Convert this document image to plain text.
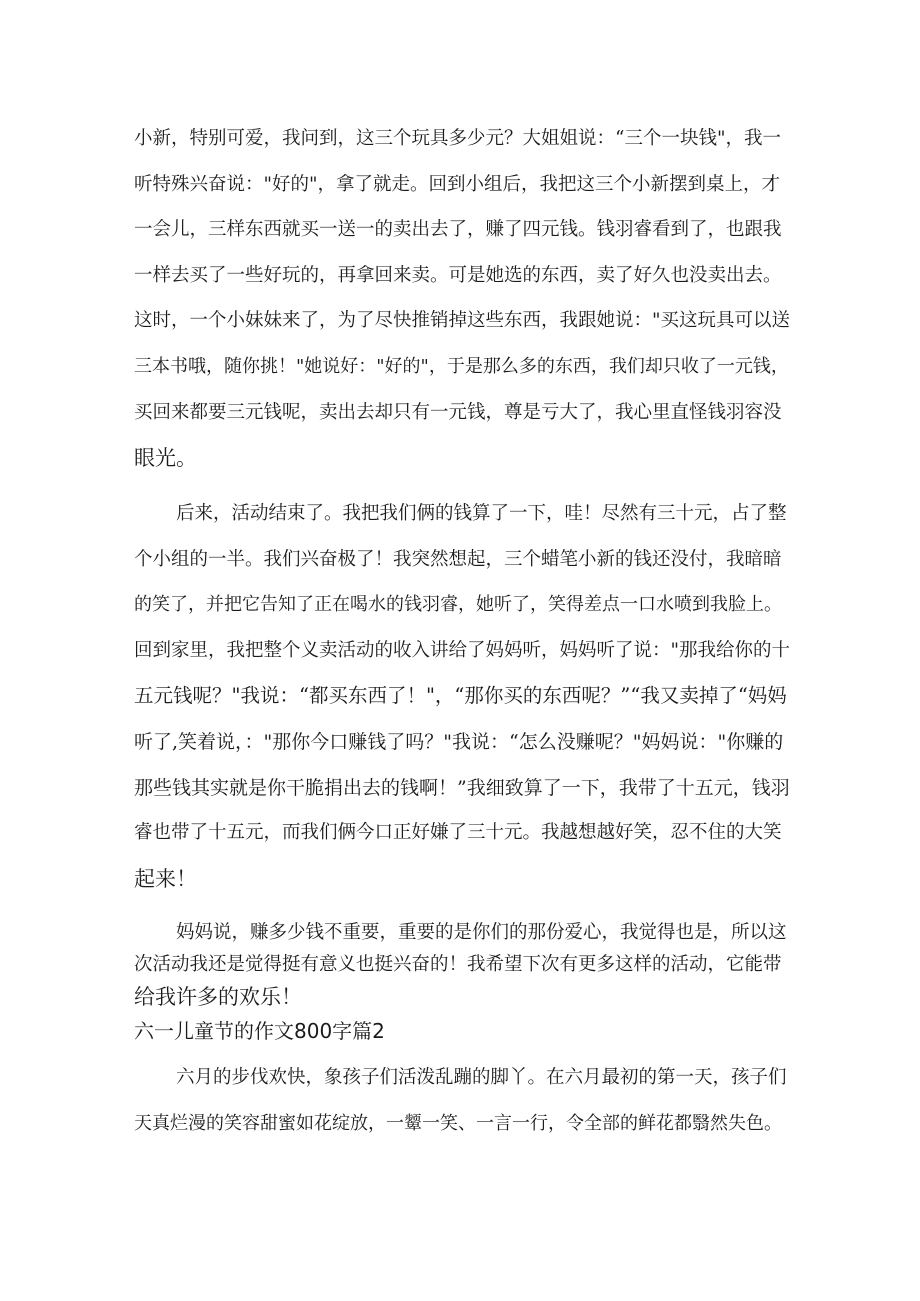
小新，特别可爱，我问到，这三个玩具多少元？大姐姐说：“三个一块钱"，我一
听特殊兴奋说："好的"，拿了就走。回到小组后，我把这三个小新摆到桌上，才
一会儿，三样东西就买一送一的卖出去了，赚了四元钱。钱羽睿看到了，也跟我
一样去买了一些好玩的，再拿回来卖。可是她选的东西，卖了好久也没卖出去。
这时，一个小妹妹来了，为了尽快推销掉这些东西，我跟她说："买这玩具可以送
三本书哦，随你挑！"她说好："好的"，于是那么多的东西，我们却只收了一元钱，
买回来都要三元钱呢，卖出去却只有一元钱，尊是亏大了，我心里直怪钱羽容没
眼光。
后来，活动结束了。我把我们俩的钱算了一下，哇！尽然有三十元，占了整
个小组的一半。我们兴奋极了！我突然想起，三个蜡笔小新的钱还没付，我暗暗
的笑了，并把它告知了正在喝水的钱羽睿，她听了，笑得差点一口水喷到我脸上。
回到家里，我把整个义卖活动的收入讲给了妈妈听，妈妈听了说："那我给你的十
五元钱呢？"我说：“都买东西了！"，“那你买的东西呢？”“我又卖掉了“妈妈
听了,笑着说，："那你今口赚钱了吗？"我说：“怎么没赚呢？"妈妈说："你赚的
那些钱其实就是你干脆捐出去的钱啊！”我细致算了一下，我带了十五元，钱羽
睿也带了十五元，而我们俩今口正好嫌了三十元。我越想越好笑，忍不住的大笑
起来！
妈妈说，赚多少钱不重要，重要的是你们的那份爱心，我觉得也是，所以这
次活动我还是觉得挺有意义也挺兴奋的！我希望下次有更多这样的活动，它能带
给我许多的欢乐！
六一儿童节的作文800字篇2
六月的步伐欢快，象孩子们活泼乱蹦的脚丫。在六月最初的第一天，孩子们
天真烂漫的笑容甜蜜如花绽放，一颦一笑、一言一行，令全部的鲜花都翳然失色。
